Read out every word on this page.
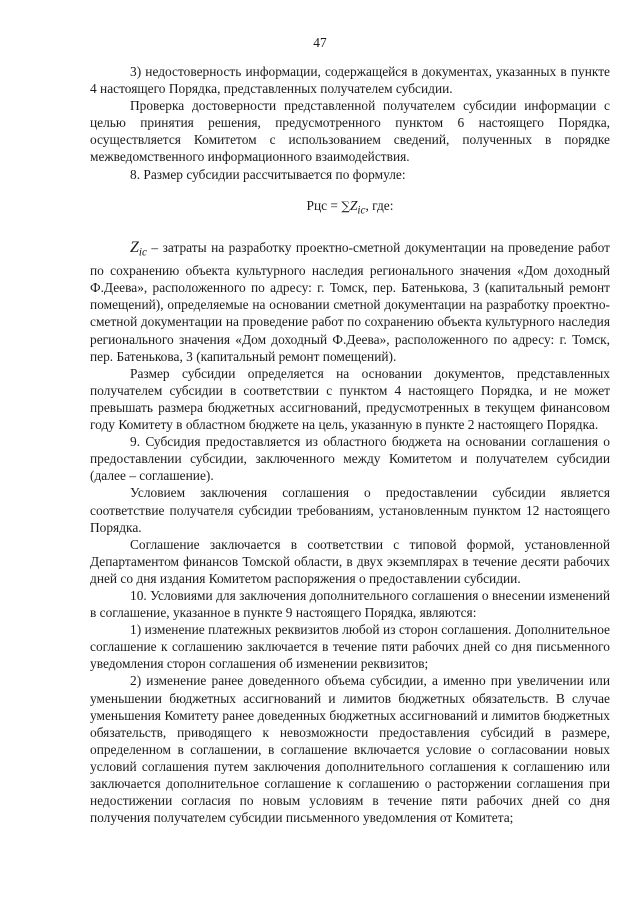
47

3) недостоверность информации, содержащейся в документах, указанных в пункте 4 настоящего Порядка, представленных получателем субсидии.

Проверка достоверности представленной получателем субсидии информации с целью принятия решения, предусмотренного пунктом 6 настоящего Порядка, осуществляется Комитетом с использованием сведений, полученных в порядке межведомственного информационного взаимодействия.

8. Размер субсидии рассчитывается по формуле:

Рцс = $\sum Z_{ic}$, где:

$Z_{ic}$ – затраты на разработку проектно-сметной документации на проведение работ по сохранению объекта культурного наследия регионального значения «Дом доходный Ф.Деева», расположенного по адресу: г. Томск, пер. Батенькова, 3 (капитальный ремонт помещений), определяемые на основании сметной документации на разработку проектно-сметной документации на проведение работ по сохранению объекта культурного наследия регионального значения «Дом доходный Ф.Деева», расположенного по адресу: г. Томск, пер. Батенькова, 3 (капитальный ремонт помещений).

Размер субсидии определяется на основании документов, представленных получателем субсидии в соответствии с пунктом 4 настоящего Порядка, и не может превышать размера бюджетных ассигнований, предусмотренных в текущем финансовом году Комитету в областном бюджете на цель, указанную в пункте 2 настоящего Порядка.

9. Субсидия предоставляется из областного бюджета на основании соглашения о предоставлении субсидии, заключенного между Комитетом и получателем субсидии (далее – соглашение).

Условием заключения соглашения о предоставлении субсидии является соответствие получателя субсидии требованиям, установленным пунктом 12 настоящего Порядка.

Соглашение заключается в соответствии с типовой формой, установленной Департаментом финансов Томской области, в двух экземплярах в течение десяти рабочих дней со дня издания Комитетом распоряжения о предоставлении субсидии.

10. Условиями для заключения дополнительного соглашения о внесении изменений в соглашение, указанное в пункте 9 настоящего Порядка, являются:

1) изменение платежных реквизитов любой из сторон соглашения. Дополнительное соглашение к соглашению заключается в течение пяти рабочих дней со дня письменного уведомления сторон соглашения об изменении реквизитов;

2) изменение ранее доведенного объема субсидии, а именно при увеличении или уменьшении бюджетных ассигнований и лимитов бюджетных обязательств. В случае уменьшения Комитету ранее доведенных бюджетных ассигнований и лимитов бюджетных обязательств, приводящего к невозможности предоставления субсидий в размере, определенном в соглашении, в соглашение включается условие о согласовании новых условий соглашения путем заключения дополнительного соглашения к соглашению или заключается дополнительное соглашение к соглашению о расторжении соглашения при недостижении согласия по новым условиям в течение пяти рабочих дней со дня получения получателем субсидии письменного уведомления от Комитета;
